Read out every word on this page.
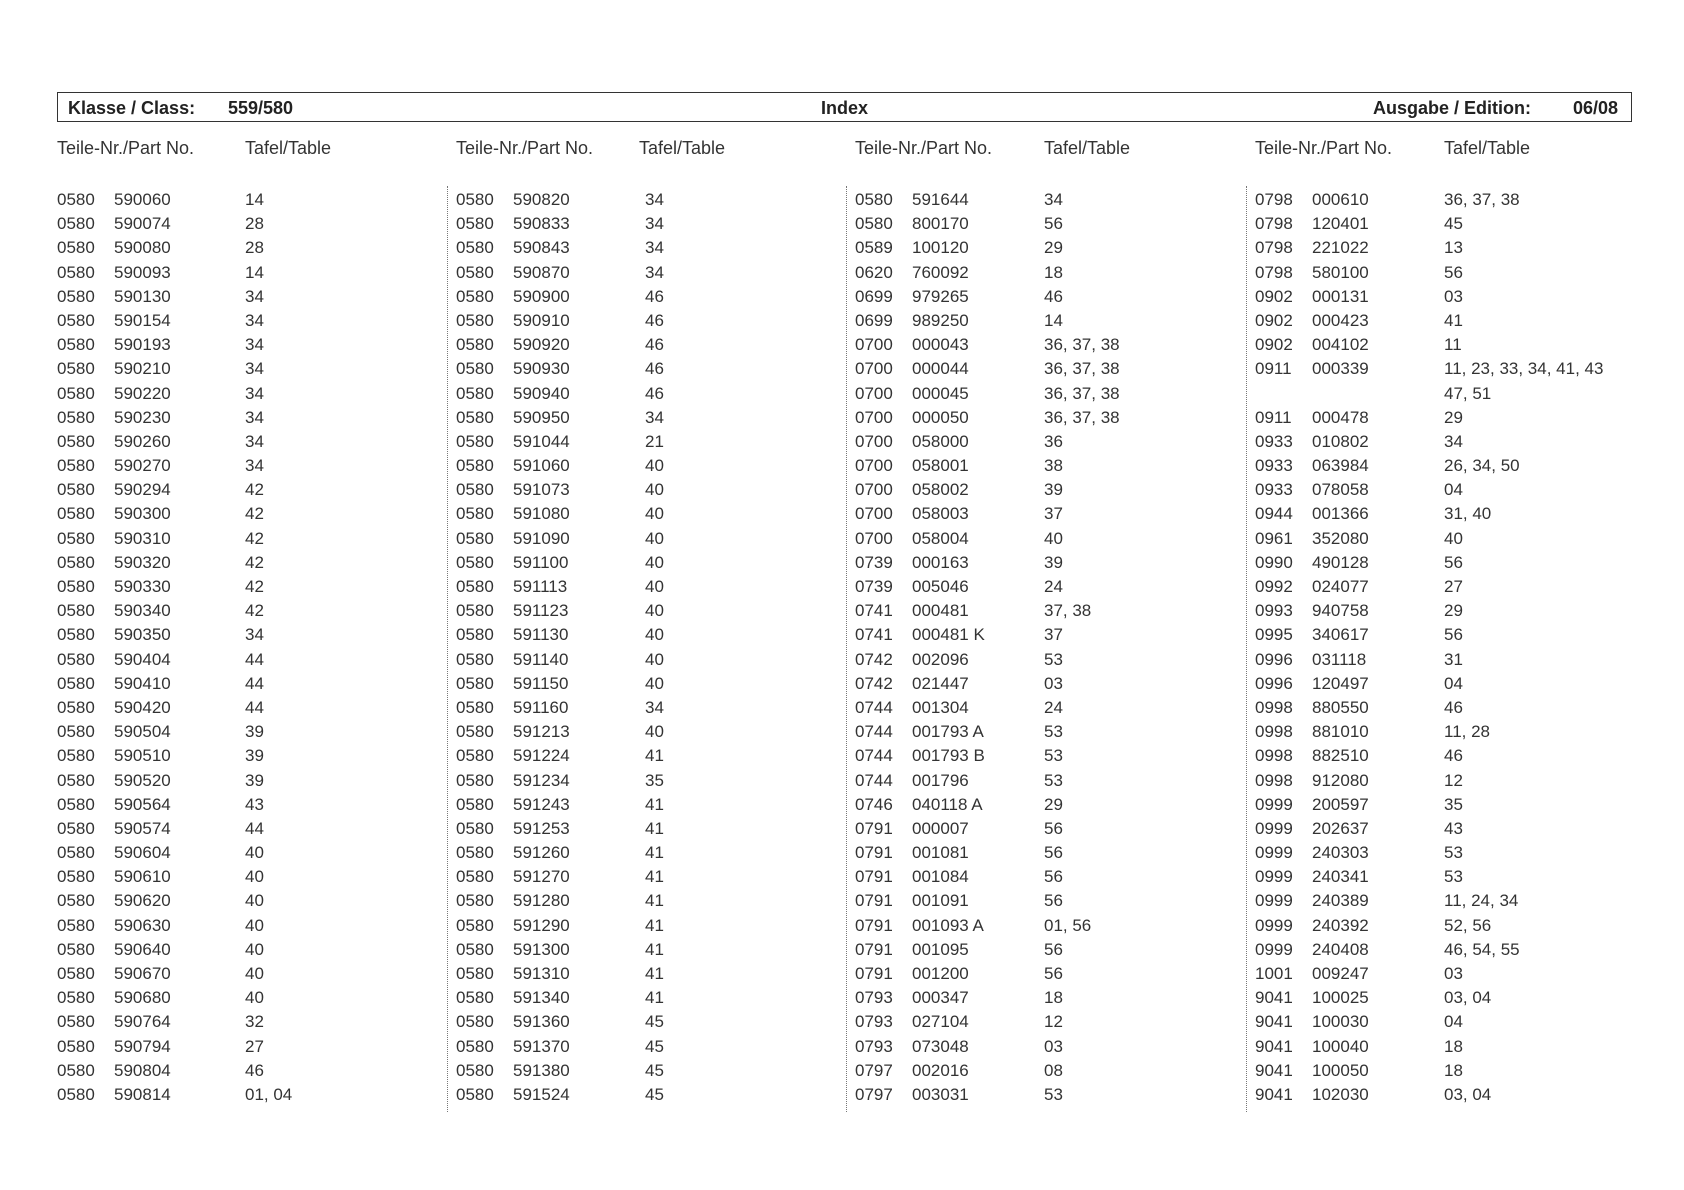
Klasse / Class: 559/580	Index	Ausgabe / Edition: 06/08
Teile-Nr./Part No.	Tafel/Table
0580 590060	14
0580 590074	28
0580 590080	28
0580 590093	14
0580 590130	34
0580 590154	34
0580 590193	34
0580 590210	34
0580 590220	34
0580 590230	34
0580 590260	34
0580 590270	34
0580 590294	42
0580 590300	42
0580 590310	42
0580 590320	42
0580 590330	42
0580 590340	42
0580 590350	34
0580 590404	44
0580 590410	44
0580 590420	44
0580 590504	39
0580 590510	39
0580 590520	39
0580 590564	43
0580 590574	44
0580 590604	40
0580 590610	40
0580 590620	40
0580 590630	40
0580 590640	40
0580 590670	40
0580 590680	40
0580 590764	32
0580 590794	27
0580 590804	46
0580 590814	01, 04
Teile-Nr./Part No.	Tafel/Table
0580 590820	34
0580 590833	34
0580 590843	34
0580 590870	34
0580 590900	46
0580 590910	46
0580 590920	46
0580 590930	46
0580 590940	46
0580 590950	34
0580 591044	21
0580 591060	40
0580 591073	40
0580 591080	40
0580 591090	40
0580 591100	40
0580 591113	40
0580 591123	40
0580 591130	40
0580 591140	40
0580 591150	40
0580 591160	34
0580 591213	40
0580 591224	41
0580 591234	35
0580 591243	41
0580 591253	41
0580 591260	41
0580 591270	41
0580 591280	41
0580 591290	41
0580 591300	41
0580 591310	41
0580 591340	41
0580 591360	45
0580 591370	45
0580 591380	45
0580 591524	45
Teile-Nr./Part No.	Tafel/Table
0580 591644	34
0580 800170	56
0589 100120	29
0620 760092	18
0699 979265	46
0699 989250	14
0700 000043	36, 37, 38
0700 000044	36, 37, 38
0700 000045	36, 37, 38
0700 000050	36, 37, 38
0700 058000	36
0700 058001	38
0700 058002	39
0700 058003	37
0700 058004	40
0739 000163	39
0739 005046	24
0741 000481	37, 38
0741 000481 K	37
0742 002096	53
0742 021447	03
0744 001304	24
0744 001793 A	53
0744 001793 B	53
0744 001796	53
0746 040118 A	29
0791 000007	56
0791 001081	56
0791 001084	56
0791 001091	56
0791 001093 A	01, 56
0791 001095	56
0791 001200	56
0793 000347	18
0793 027104	12
0793 073048	03
0797 002016	08
0797 003031	53
Teile-Nr./Part No.	Tafel/Table
0798 000610	36, 37, 38
0798 120401	45
0798 221022	13
0798 580100	56
0902 000131	03
0902 000423	41
0902 004102	11
0911 000339	11, 23, 33, 34, 41, 43
47, 51
0911 000478	29
0933 010802	34
0933 063984	26, 34, 50
0933 078058	04
0944 001366	31, 40
0961 352080	40
0990 490128	56
0992 024077	27
0993 940758	29
0995 340617	56
0996 031118	31
0996 120497	04
0998 880550	46
0998 881010	11, 28
0998 882510	46
0998 912080	12
0999 200597	35
0999 202637	43
0999 240303	53
0999 240341	53
0999 240389	11, 24, 34
0999 240392	52, 56
0999 240408	46, 54, 55
1001 009247	03
9041 100025	03, 04
9041 100030	04
9041 100040	18
9041 100050	18
9041 102030	03, 04
